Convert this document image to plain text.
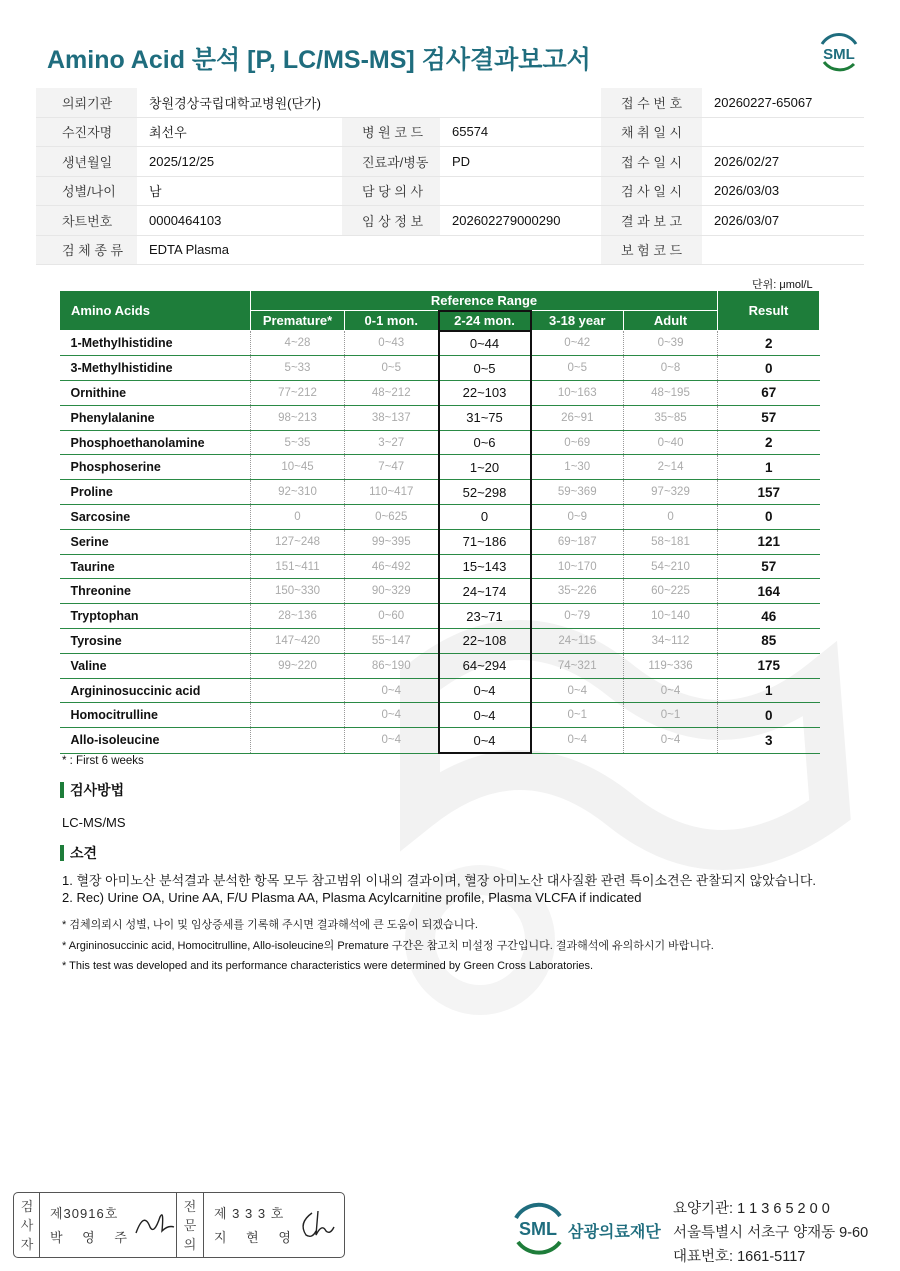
Amino Acid 분석 [P, LC/MS-MS] 검사결과보고서	SML
의뢰기관	창원경상국립대학교병원(단가)			접 수 번 호	20260227-65067
수진자명	최선우	병 원 코 드	65574	채 취 일 시	
생년월일	2025/12/25	진료과/병동	PD	접 수 일 시	2026/02/27
성별/나이	남	담 당 의 사		검 사 일 시	2026/03/03
차트번호	0000464103	임 상 정 보	202602279000290	결 과 보 고	2026/03/07
검 체 종 류	EDTA Plasma			보 험 코 드	
단위: μmol/L
Amino Acids	Reference Range					Result
	Premature*	0-1 mon.	2-24 mon.	3-18 year	Adult	
1-Methylhistidine	4~28	0~43	0~44	0~42	0~39	2
3-Methylhistidine	5~33	0~5	0~5	0~5	0~8	0
Ornithine	77~212	48~212	22~103	10~163	48~195	67
Phenylalanine	98~213	38~137	31~75	26~91	35~85	57
Phosphoethanolamine	5~35	3~27	0~6	0~69	0~40	2
Phosphoserine	10~45	7~47	1~20	1~30	2~14	1
Proline	92~310	110~417	52~298	59~369	97~329	157
Sarcosine	0	0~625	0	0~9	0	0
Serine	127~248	99~395	71~186	69~187	58~181	121
Taurine	151~411	46~492	15~143	10~170	54~210	57
Threonine	150~330	90~329	24~174	35~226	60~225	164
Tryptophan	28~136	0~60	23~71	0~79	10~140	46
Tyrosine	147~420	55~147	22~108	24~115	34~112	85
Valine	99~220	86~190	64~294	74~321	119~336	175
Argininosuccinic acid		0~4	0~4	0~4	0~4	1
Homocitrulline		0~4	0~4	0~1	0~1	0
Allo-isoleucine		0~4	0~4	0~4	0~4	3
* : First 6 weeks
검사방법
LC-MS/MS
소견
1. 혈장 아미노산 분석결과 분석한 항목 모두 참고범위 이내의 결과이며, 혈장 아미노산 대사질환 관련 특이소견은 관찰되지 않았습니다.
2. Rec) Urine OA, Urine AA, F/U Plasma AA, Plasma Acylcarnitine profile, Plasma VLCFA if indicated
* 검체의뢰시 성별, 나이 및 임상증세를 기록해 주시면 결과해석에 큰 도움이 되겠습니다.
* Argininosuccinic acid, Homocitrulline, Allo-isoleucine의 Premature 구간은 참고치 미설정 구간입니다. 결과해석에 유의하시기 바랍니다.
* This test was developed and its performance characteristics were determined by Green Cross Laboratories.
검
사
자
제30916호
박 영 주
전
문
의
제 3 3 3 호
지 현 영	SML 삼광의료재단
요양기관: 1 1 3 6 5 2 0 0
서울특별시 서초구 양재동 9-60
대표번호: 1661-5117
